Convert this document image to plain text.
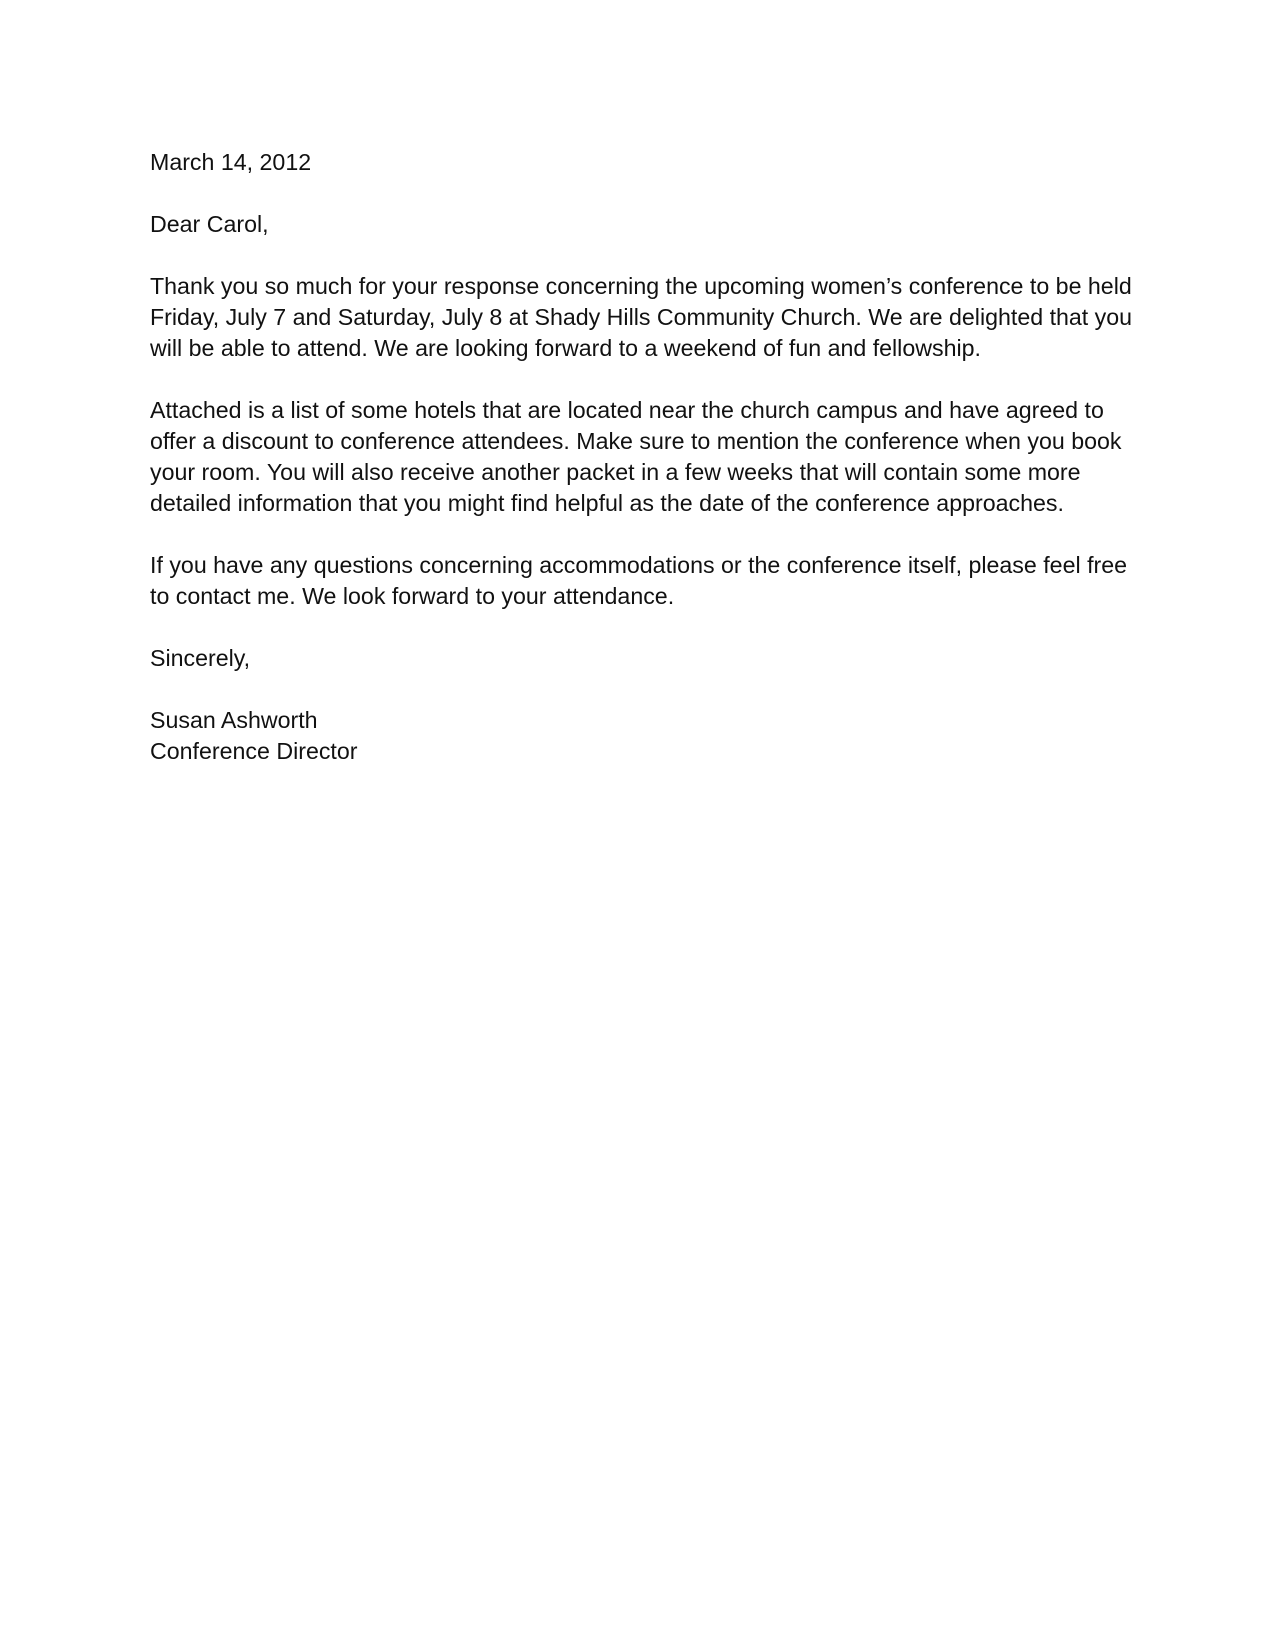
March 14, 2012

Dear Carol,

Thank you so much for your response concerning the upcoming women’s conference to be held Friday, July 7 and Saturday, July 8 at Shady Hills Community Church. We are delighted that you will be able to attend. We are looking forward to a weekend of fun and fellowship.

Attached is a list of some hotels that are located near the church campus and have agreed to offer a discount to conference attendees. Make sure to mention the conference when you book your room. You will also receive another packet in a few weeks that will contain some more detailed information that you might find helpful as the date of the conference approaches.

If you have any questions concerning accommodations or the conference itself, please feel free to contact me. We look forward to your attendance.

Sincerely,

Susan Ashworth

Conference Director
